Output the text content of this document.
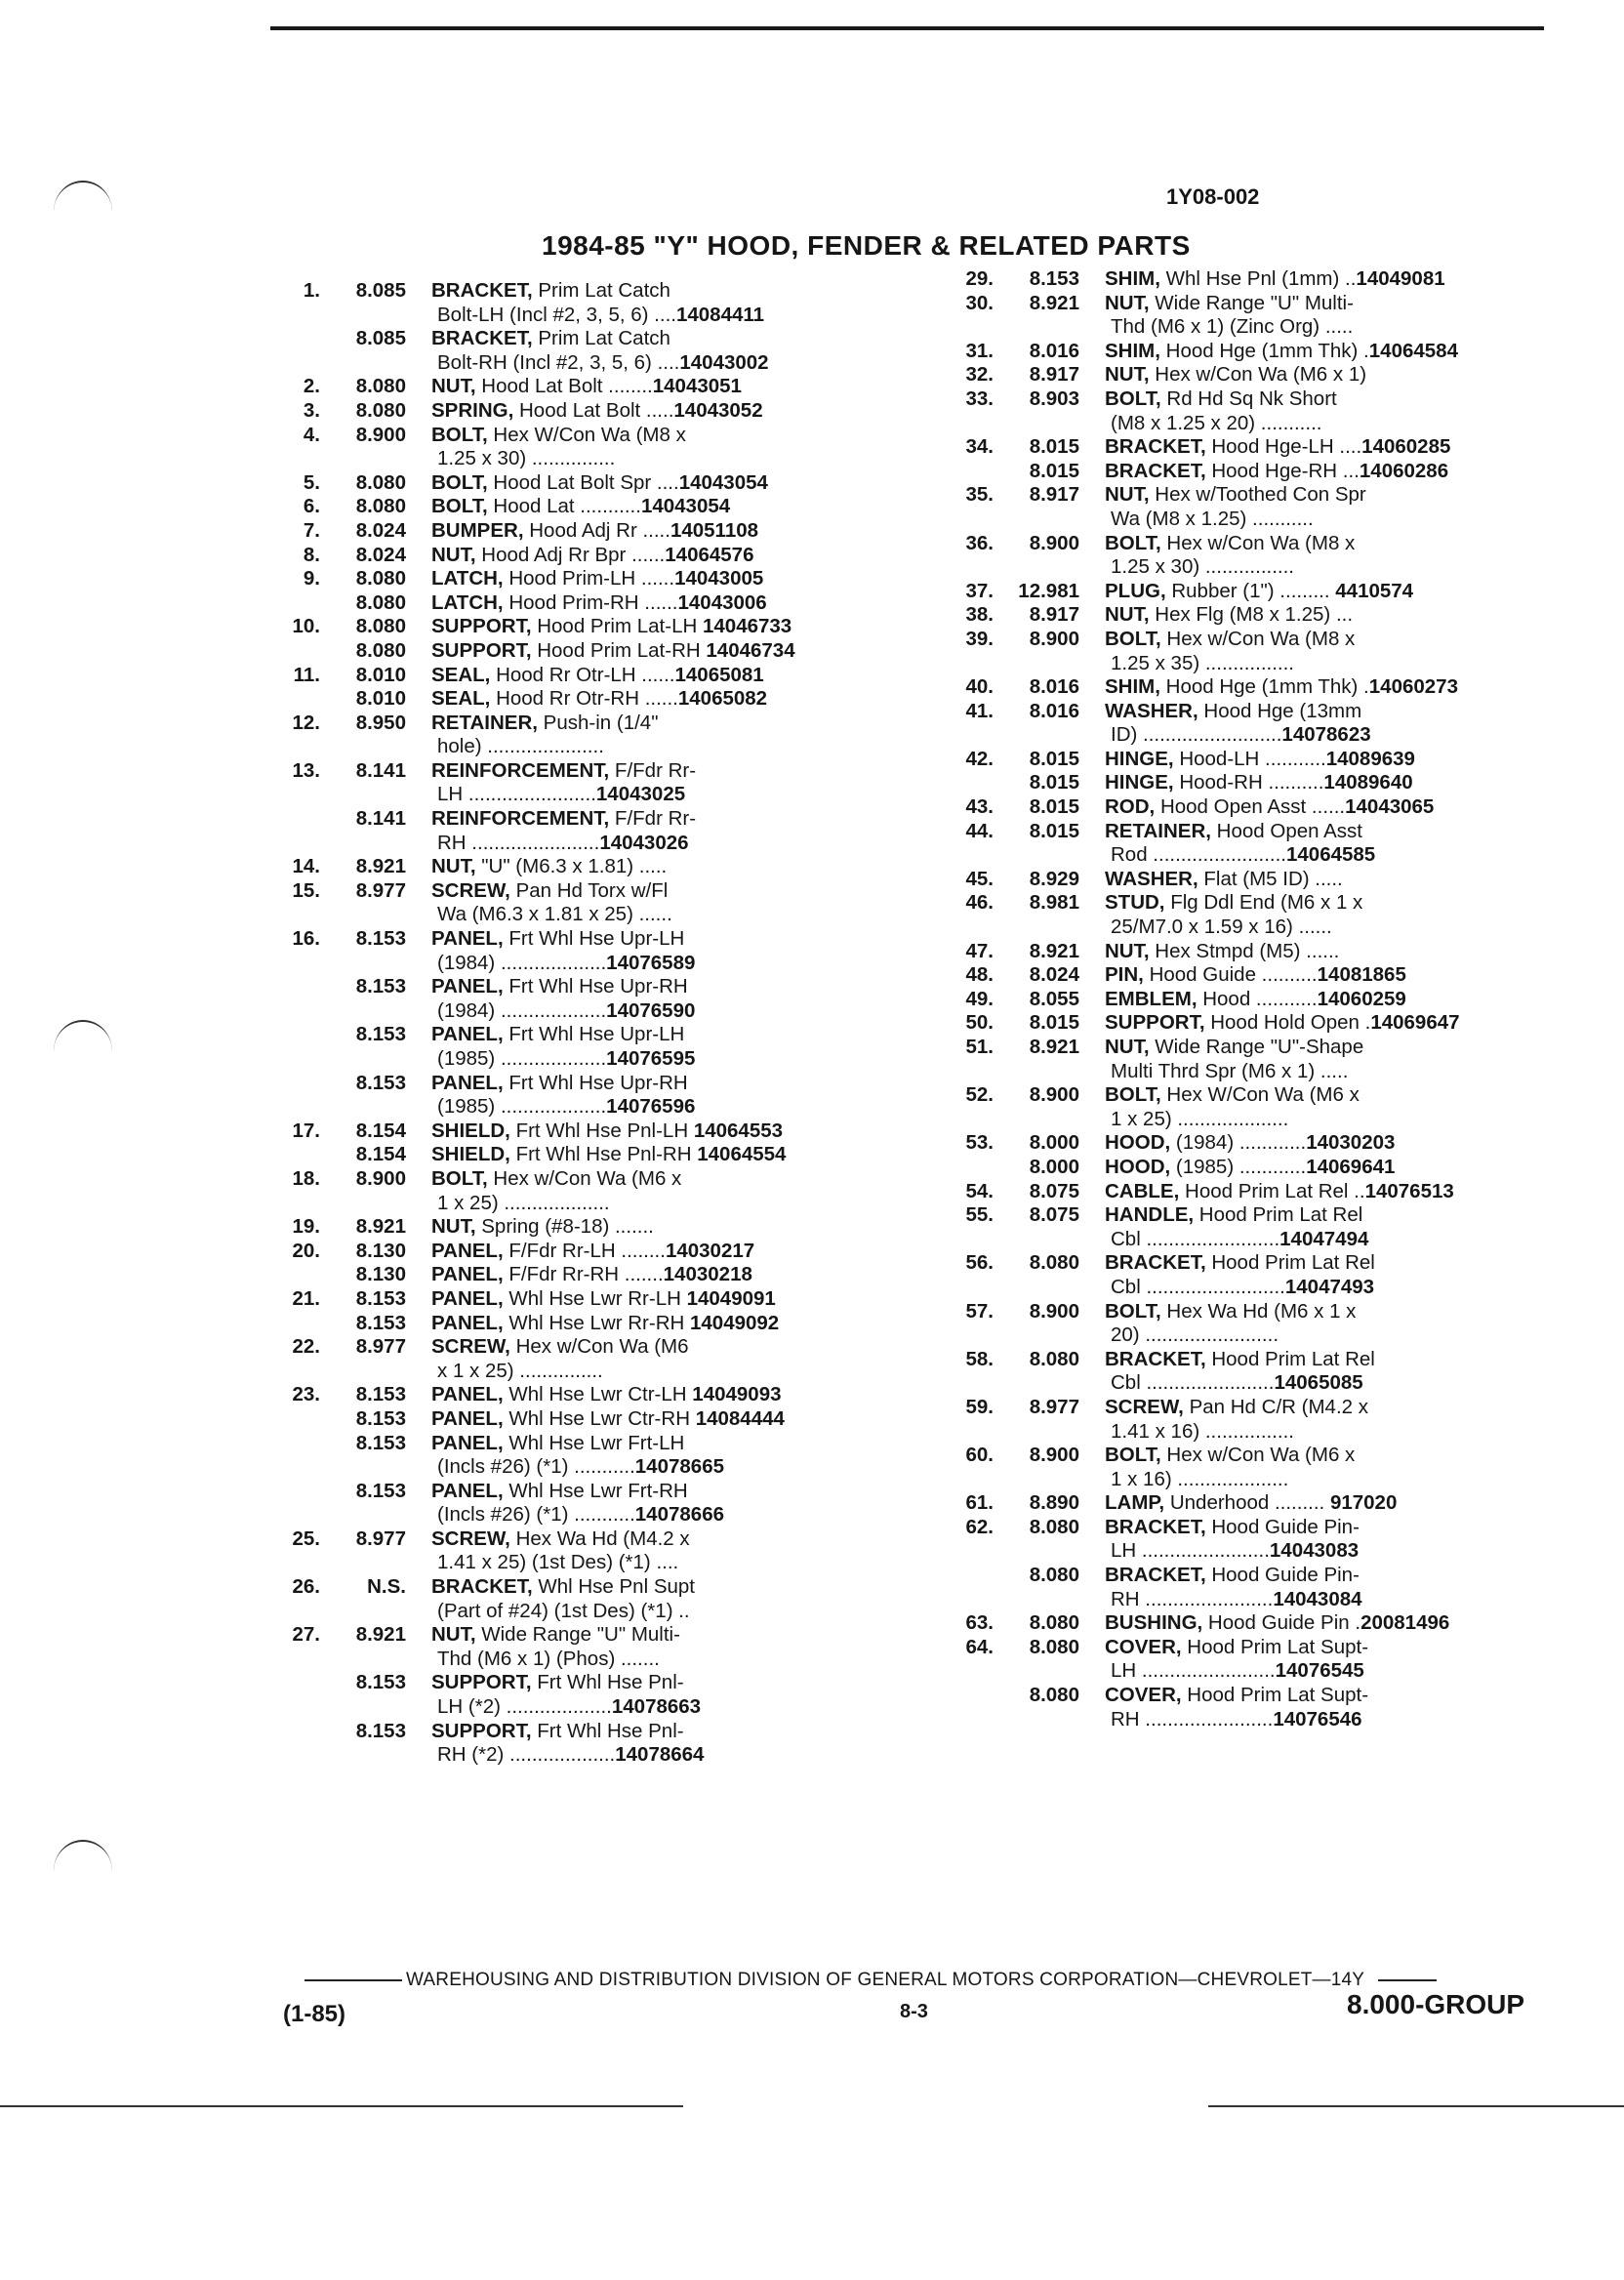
1Y08-002
1984-85 "Y" HOOD, FENDER & RELATED PARTS
1.	8.085	BRACKET, Prim Lat Catch
Bolt-LH (Incl #2, 3, 5, 6) ....14084411
8.085	BRACKET, Prim Lat Catch
Bolt-RH (Incl #2, 3, 5, 6) ....14043002
2.	8.080	NUT, Hood Lat Bolt ........14043051
3.	8.080	SPRING, Hood Lat Bolt .....14043052
4.	8.900	BOLT, Hex W/Con Wa (M8 x
1.25 x 30) ...............
5.	8.080	BOLT, Hood Lat Bolt Spr ....14043054
6.	8.080	BOLT, Hood Lat ...........14043054
7.	8.024	BUMPER, Hood Adj Rr .....14051108
8.	8.024	NUT, Hood Adj Rr Bpr ......14064576
9.	8.080	LATCH, Hood Prim-LH ......14043005
8.080	LATCH, Hood Prim-RH ......14043006
10.	8.080	SUPPORT, Hood Prim Lat-LH 14046733
8.080	SUPPORT, Hood Prim Lat-RH 14046734
11.	8.010	SEAL, Hood Rr Otr-LH ......14065081
8.010	SEAL, Hood Rr Otr-RH ......14065082
12.	8.950	RETAINER, Push-in (1/4"
hole) .....................
13.	8.141	REINFORCEMENT, F/Fdr Rr-
LH .......................14043025
8.141	REINFORCEMENT, F/Fdr Rr-
RH .......................14043026
14.	8.921	NUT, "U" (M6.3 x 1.81) .....
15.	8.977	SCREW, Pan Hd Torx w/Fl
Wa (M6.3 x 1.81 x 25) ......
16.	8.153	PANEL, Frt Whl Hse Upr-LH
(1984) ...................14076589
8.153	PANEL, Frt Whl Hse Upr-RH
(1984) ...................14076590
8.153	PANEL, Frt Whl Hse Upr-LH
(1985) ...................14076595
8.153	PANEL, Frt Whl Hse Upr-RH
(1985) ...................14076596
17.	8.154	SHIELD, Frt Whl Hse Pnl-LH 14064553
8.154	SHIELD, Frt Whl Hse Pnl-RH 14064554
18.	8.900	BOLT, Hex w/Con Wa (M6 x
1 x 25) ...................
19.	8.921	NUT, Spring (#8-18) .......
20.	8.130	PANEL, F/Fdr Rr-LH ........14030217
8.130	PANEL, F/Fdr Rr-RH .......14030218
21.	8.153	PANEL, Whl Hse Lwr Rr-LH 14049091
8.153	PANEL, Whl Hse Lwr Rr-RH 14049092
22.	8.977	SCREW, Hex w/Con Wa (M6
x 1 x 25) ...............
23.	8.153	PANEL, Whl Hse Lwr Ctr-LH 14049093
8.153	PANEL, Whl Hse Lwr Ctr-RH 14084444
8.153	PANEL, Whl Hse Lwr Frt-LH
(Incls #26) (*1) ...........14078665
8.153	PANEL, Whl Hse Lwr Frt-RH
(Incls #26) (*1) ...........14078666
25.	8.977	SCREW, Hex Wa Hd (M4.2 x
1.41 x 25) (1st Des) (*1) ....
26.	N.S.	BRACKET, Whl Hse Pnl Supt
(Part of #24) (1st Des) (*1) ..
27.	8.921	NUT, Wide Range "U" Multi-
Thd (M6 x 1) (Phos) .......
8.153	SUPPORT, Frt Whl Hse Pnl-
LH (*2) ...................14078663
8.153	SUPPORT, Frt Whl Hse Pnl-
RH (*2) ...................14078664
29.	8.153	SHIM, Whl Hse Pnl (1mm) ..14049081
30.	8.921	NUT, Wide Range "U" Multi-
Thd (M6 x 1) (Zinc Org) .....
31.	8.016	SHIM, Hood Hge (1mm Thk) .14064584
32.	8.917	NUT, Hex w/Con Wa (M6 x 1)
33.	8.903	BOLT, Rd Hd Sq Nk Short
(M8 x 1.25 x 20) ...........
34.	8.015	BRACKET, Hood Hge-LH ....14060285
8.015	BRACKET, Hood Hge-RH ...14060286
35.	8.917	NUT, Hex w/Toothed Con Spr
Wa (M8 x 1.25) ...........
36.	8.900	BOLT, Hex w/Con Wa (M8 x
1.25 x 30) ................
37.	12.981	PLUG, Rubber (1") ......... 4410574
38.	8.917	NUT, Hex Flg (M8 x 1.25) ...
39.	8.900	BOLT, Hex w/Con Wa (M8 x
1.25 x 35) ................
40.	8.016	SHIM, Hood Hge (1mm Thk) .14060273
41.	8.016	WASHER, Hood Hge (13mm
ID) .........................14078623
42.	8.015	HINGE, Hood-LH ...........14089639
8.015	HINGE, Hood-RH ..........14089640
43.	8.015	ROD, Hood Open Asst ......14043065
44.	8.015	RETAINER, Hood Open Asst
Rod ........................14064585
45.	8.929	WASHER, Flat (M5 ID) .....
46.	8.981	STUD, Flg Ddl End (M6 x 1 x
25/M7.0 x 1.59 x 16) ......
47.	8.921	NUT, Hex Stmpd (M5) ......
48.	8.024	PIN, Hood Guide ..........14081865
49.	8.055	EMBLEM, Hood ...........14060259
50.	8.015	SUPPORT, Hood Hold Open .14069647
51.	8.921	NUT, Wide Range "U"-Shape
Multi Thrd Spr (M6 x 1) .....
52.	8.900	BOLT, Hex W/Con Wa (M6 x
1 x 25) ....................
53.	8.000	HOOD, (1984) ............14030203
8.000	HOOD, (1985) ............14069641
54.	8.075	CABLE, Hood Prim Lat Rel ..14076513
55.	8.075	HANDLE, Hood Prim Lat Rel
Cbl ........................14047494
56.	8.080	BRACKET, Hood Prim Lat Rel
Cbl .........................14047493
57.	8.900	BOLT, Hex Wa Hd (M6 x 1 x
20) ........................
58.	8.080	BRACKET, Hood Prim Lat Rel
Cbl .......................14065085
59.	8.977	SCREW, Pan Hd C/R (M4.2 x
1.41 x 16) ................
60.	8.900	BOLT, Hex w/Con Wa (M6 x
1 x 16) ....................
61.	8.890	LAMP, Underhood ......... 917020
62.	8.080	BRACKET, Hood Guide Pin-
LH .......................14043083
8.080	BRACKET, Hood Guide Pin-
RH .......................14043084
63.	8.080	BUSHING, Hood Guide Pin .20081496
64.	8.080	COVER, Hood Prim Lat Supt-
LH ........................14076545
8.080	COVER, Hood Prim Lat Supt-
RH .......................14076546
WAREHOUSING AND DISTRIBUTION DIVISION OF GENERAL MOTORS CORPORATION—CHEVROLET—14Y
(1-85)	8-3	8.000-GROUP
